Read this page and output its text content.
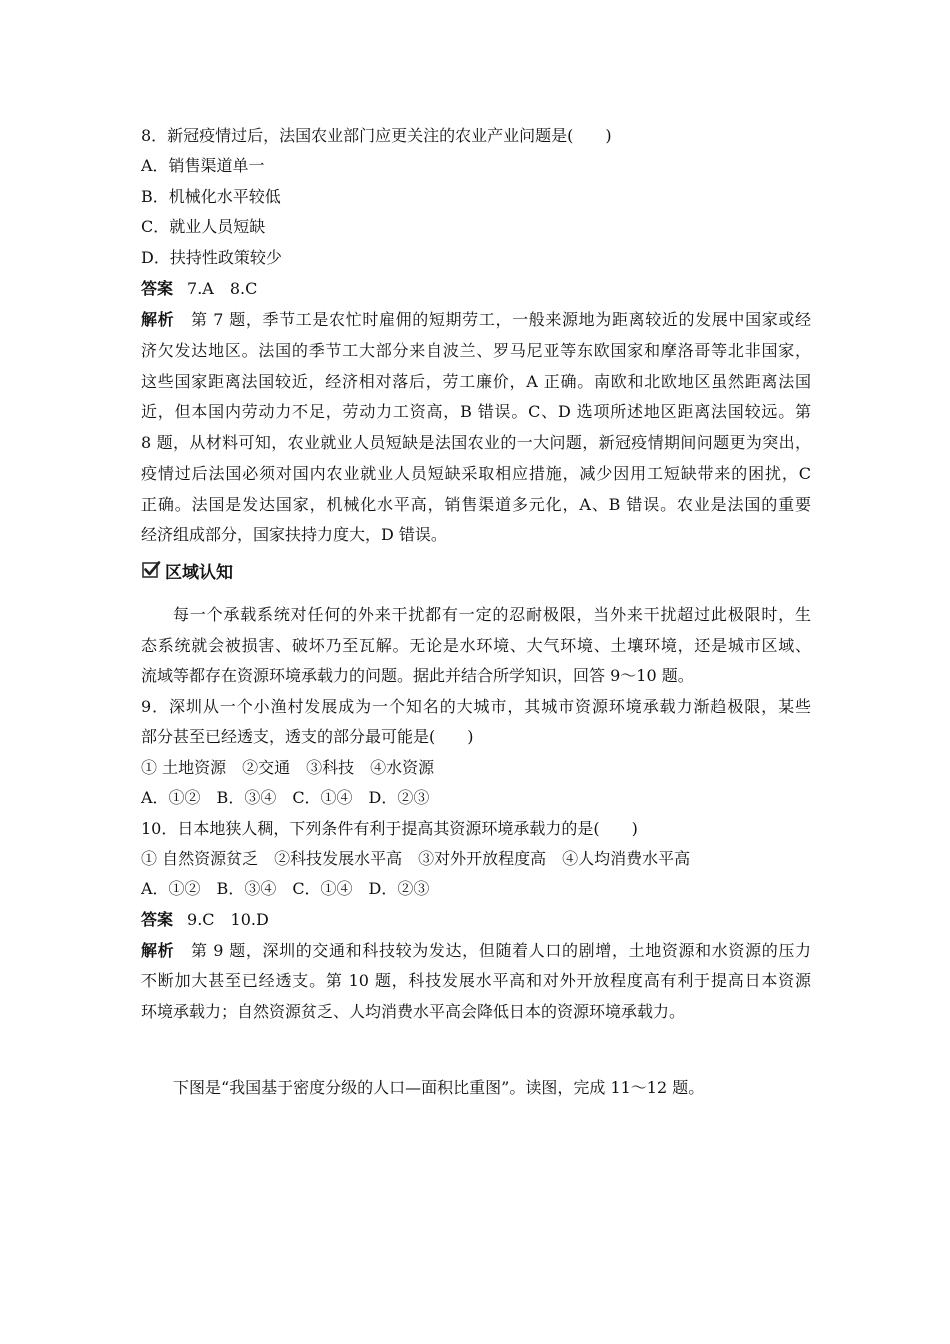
8．新冠疫情过后，法国农业部门应更关注的农业产业问题是(　　)
A．销售渠道单一
B．机械化水平较低
C．就业人员短缺
D．扶持性政策较少
答案 7.A　8.C
解析　第 7 题，季节工是农忙时雇佣的短期劳工，一般来源地为距离较近的发展中国家或经
济欠发达地区。法国的季节工大部分来自波兰、罗马尼亚等东欧国家和摩洛哥等北非国家，
这些国家距离法国较近，经济相对落后，劳工廉价，A 正确。南欧和北欧地区虽然距离法国
近，但本国内劳动力不足，劳动力工资高，B 错误。C、D 选项所述地区距离法国较远。第
8 题，从材料可知，农业就业人员短缺是法国农业的一大问题，新冠疫情期间问题更为突出，
疫情过后法国必须对国内农业就业人员短缺采取相应措施，减少因用工短缺带来的困扰，C
正确。法国是发达国家，机械化水平高，销售渠道多元化，A、B 错误。农业是法国的重要
经济组成部分，国家扶持力度大，D 错误。
区域认知
每一个承载系统对任何的外来干扰都有一定的忍耐极限，当外来干扰超过此极限时，生
态系统就会被损害、破坏乃至瓦解。无论是水环境、大气环境、土壤环境，还是城市区域、
流域等都存在资源环境承载力的问题。据此并结合所学知识，回答 9～10 题。
9．深圳从一个小渔村发展成为一个知名的大城市，其城市资源环境承载力渐趋极限，某些
部分甚至已经透支，透支的部分最可能是(　　)
① 土地资源　②交通　③科技　④水资源
A．①②　B．③④　C．①④　D．②③
10．日本地狭人稠，下列条件有利于提高其资源环境承载力的是(　　)
① 自然资源贫乏　②科技发展水平高　③对外开放程度高　④人均消费水平高
A．①②　B．③④　C．①④　D．②③
答案 9.C　10.D
解析　第 9 题，深圳的交通和科技较为发达，但随着人口的剧增，土地资源和水资源的压力
不断加大甚至已经透支。第 10 题，科技发展水平高和对外开放程度高有利于提高日本资源
环境承载力；自然资源贫乏、人均消费水平高会降低日本的资源环境承载力。
下图是“我国基于密度分级的人口—面积比重图”。读图，完成 11～12 题。
